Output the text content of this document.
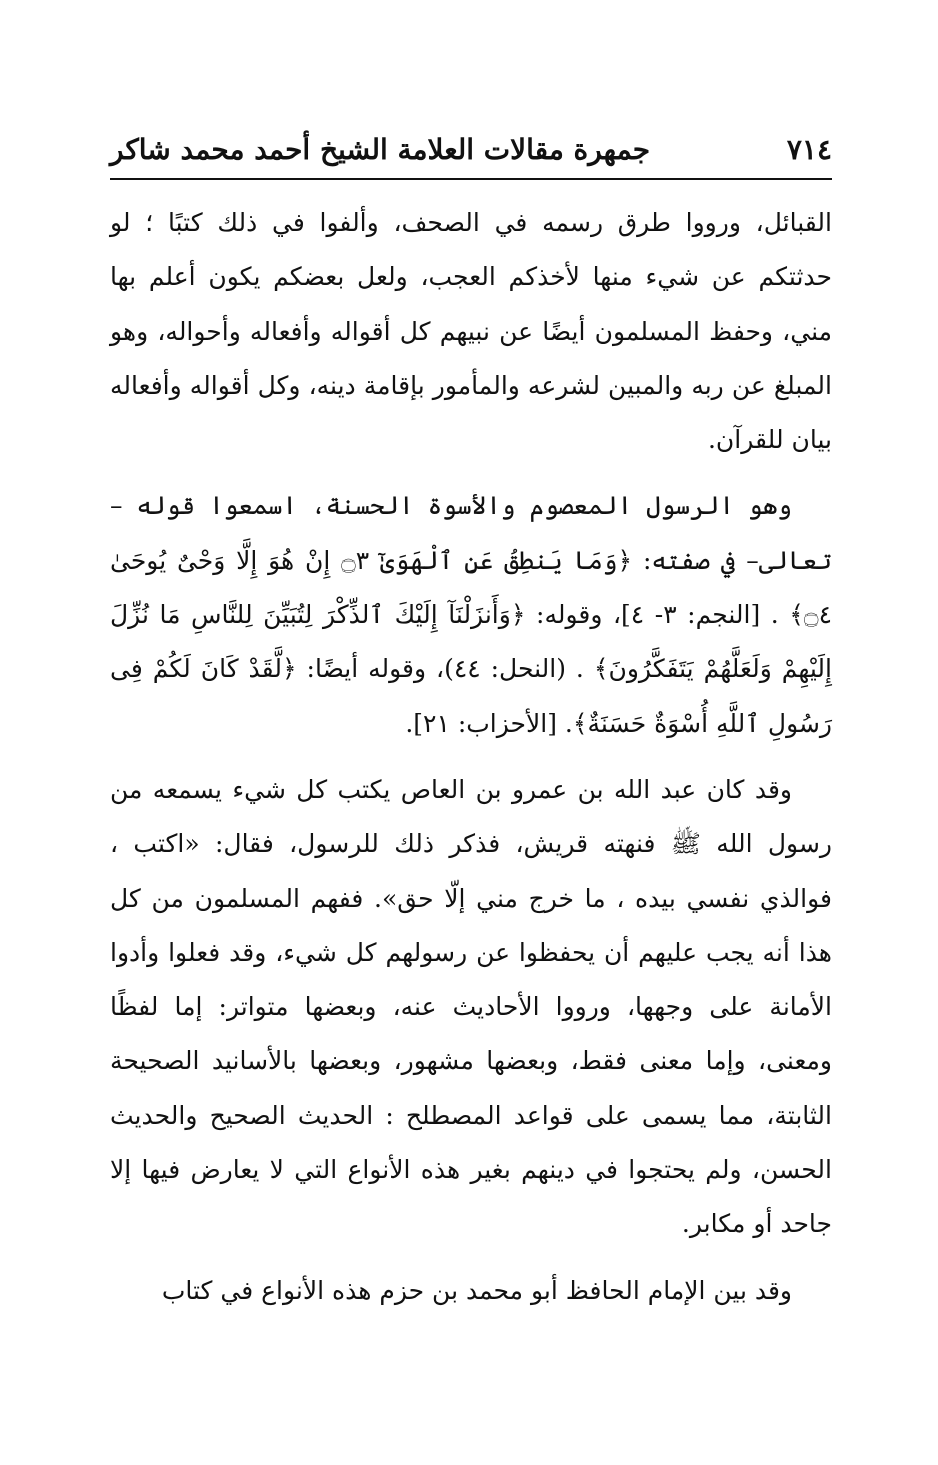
٧١٤
جمهرة مقالات العلامة الشيخ أحمد محمد شاكر

القبائل، ورووا طرق رسمه في الصحف، وألفوا في ذلك كتبًا ؛ لو حدثتكم عن شيء منها لأخذكم العجب، ولعل بعضكم يكون أعلم بها مني، وحفظ المسلمون أيضًا عن نبيهم كل أقواله وأفعاله وأحواله، وهو المبلغ عن ربه والمبين لشرعه والمأمور بإقامة دينه، وكل أقواله وأفعاله بيان للقرآن.

وهو الرسول المعصوم والأسوة الحسنة، اسمعوا قوله – تعالى– في صفته: ﴿وَمَا يَنطِقُ عَنِ ٱلْهَوَىٰٓ ۝٣ إِنْ هُوَ إِلَّا وَحْىٌ يُوحَىٰ ۝٤﴾ . [النجم: ٣- ٤]، وقوله: ﴿وَأَنزَلْنَآ إِلَيْكَ ٱلذِّكْرَ لِتُبَيِّنَ لِلنَّاسِ مَا نُزِّلَ إِلَيْهِمْ وَلَعَلَّهُمْ يَتَفَكَّرُونَ﴾ . (النحل: ٤٤)، وقوله أيضًا: ﴿لَّقَدْ كَانَ لَكُمْ فِى رَسُولِ ٱللَّهِ أُسْوَةٌ حَسَنَةٌ﴾. [الأحزاب: ٢١].

وقد كان عبد الله بن عمرو بن العاص يكتب كل شيء يسمعه من رسول الله ﷺ فنهته قريش، فذكر ذلك للرسول، فقال: «اكتب ، فوالذي نفسي بيده ، ما خرج مني إلّا حق». ففهم المسلمون من كل هذا أنه يجب عليهم أن يحفظوا عن رسولهم كل شيء، وقد فعلوا وأدوا الأمانة على وجهها، ورووا الأحاديث عنه، وبعضها متواتر: إما لفظًا ومعنى، وإما معنى فقط، وبعضها مشهور، وبعضها بالأسانيد الصحيحة الثابتة، مما يسمى على قواعد المصطلح : الحديث الصحيح والحديث الحسن، ولم يحتجوا في دينهم بغير هذه الأنواع التي لا يعارض فيها إلا جاحد أو مكابر.

وقد بين الإمام الحافظ أبو محمد بن حزم هذه الأنواع في كتاب
